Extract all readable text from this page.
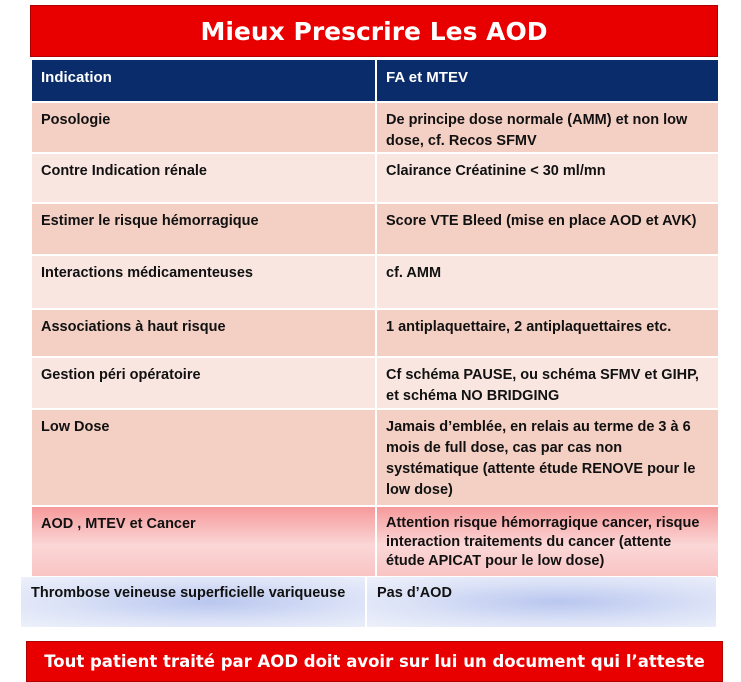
Mieux Prescrire Les AOD
Indication	FA et MTEV
Posologie	De principe dose normale (AMM) et non low dose, cf. Recos SFMV
Contre Indication rénale	Clairance Créatinine < 30 ml/mn
Estimer le risque hémorragique	Score VTE Bleed (mise en place AOD et AVK)
Interactions médicamenteuses	cf. AMM
Associations à haut risque	1 antiplaquettaire, 2 antiplaquettaires etc.
Gestion péri opératoire	Cf schéma PAUSE, ou schéma SFMV et GIHP, et schéma NO BRIDGING
Low Dose	Jamais d’emblée, en relais au terme de 3 à 6 mois de full dose, cas par cas non systématique (attente étude RENOVE pour le low dose)
AOD , MTEV et Cancer	Attention risque hémorragique cancer, risque interaction traitements du cancer (attente étude APICAT pour le low dose)
Thrombose veineuse superficielle variqueuse	Pas d’AOD
Tout patient traité par AOD doit avoir sur lui un document qui l’atteste
